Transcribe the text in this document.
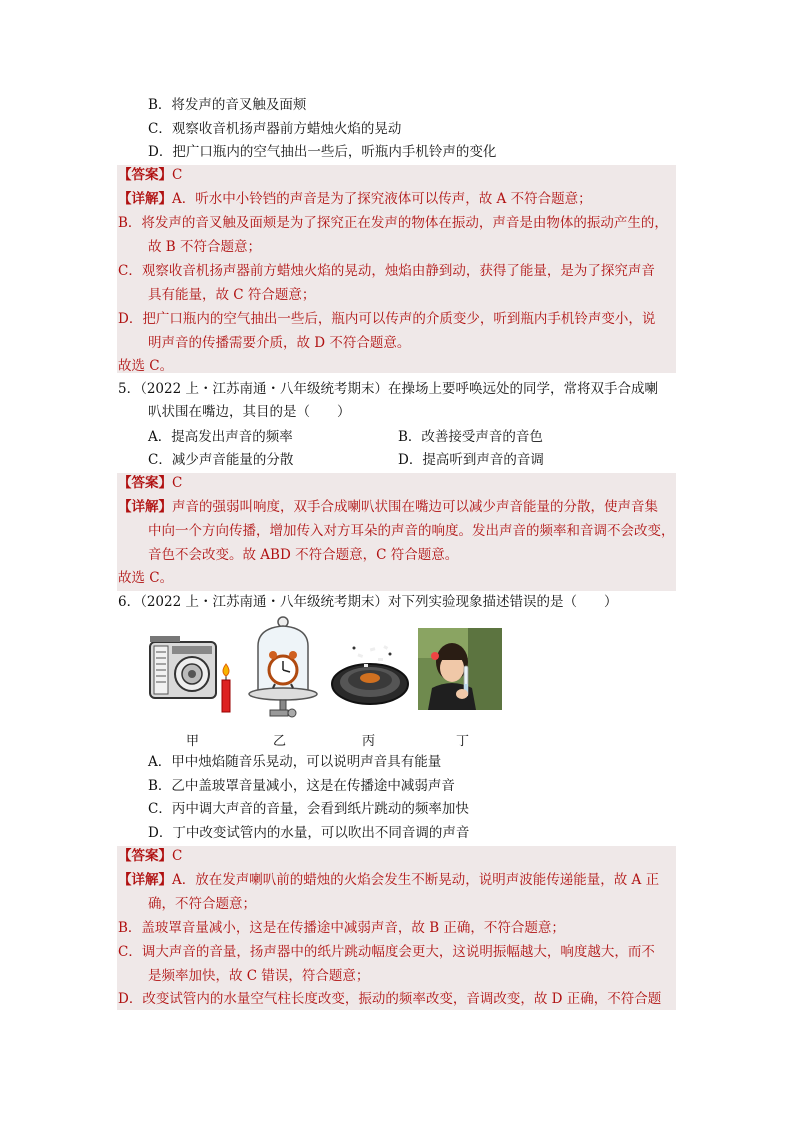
B．将发声的音叉触及面颊
C．观察收音机扬声器前方蜡烛火焰的晃动
D．把广口瓶内的空气抽出一些后，听瓶内手机铃声的变化
【答案】C
【详解】A．听水中小铃铛的声音是为了探究液体可以传声，故 A 不符合题意；
B．将发声的音叉触及面颊是为了探究正在发声的物体在振动，声音是由物体的振动产生的，
故 B 不符合题意；
C．观察收音机扬声器前方蜡烛火焰的晃动，烛焰由静到动，获得了能量，是为了探究声音
具有能量，故 C 符合题意；
D．把广口瓶内的空气抽出一些后，瓶内可以传声的介质变少，听到瓶内手机铃声变小，说
明声音的传播需要介质，故 D 不符合题意。
故选 C。
5．（2022 上・江苏南通・八年级统考期末）在操场上要呼唤远处的同学，常将双手合成喇
叭状围在嘴边，其目的是（　　）
A．提高发出声音的频率	B．改善接受声音的音色
C．减少声音能量的分散	D．提高听到声音的音调
【答案】C
【详解】声音的强弱叫响度，双手合成喇叭状围在嘴边可以减少声音能量的分散，使声音集
中向一个方向传播，增加传入对方耳朵的声音的响度。发出声音的频率和音调不会改变，
音色不会改变。故 ABD 不符合题意，C 符合题意。
故选 C。
6．（2022 上・江苏南通・八年级统考期末）对下列实验现象描述错误的是（　　）
甲	乙	丙	丁
A．甲中烛焰随音乐晃动，可以说明声音具有能量
B．乙中盖玻罩音量减小，这是在传播途中减弱声音
C．丙中调大声音的音量，会看到纸片跳动的频率加快
D．丁中改变试管内的水量，可以吹出不同音调的声音
【答案】C
【详解】A．放在发声喇叭前的蜡烛的火焰会发生不断晃动，说明声波能传递能量，故 A 正
确，不符合题意；
B．盖玻罩音量减小，这是在传播途中减弱声音，故 B 正确，不符合题意；
C．调大声音的音量，扬声器中的纸片跳动幅度会更大，这说明振幅越大，响度越大，而不
是频率加快，故 C 错误，符合题意；
D．改变试管内的水量空气柱长度改变，振动的频率改变，音调改变，故 D 正确，不符合题
